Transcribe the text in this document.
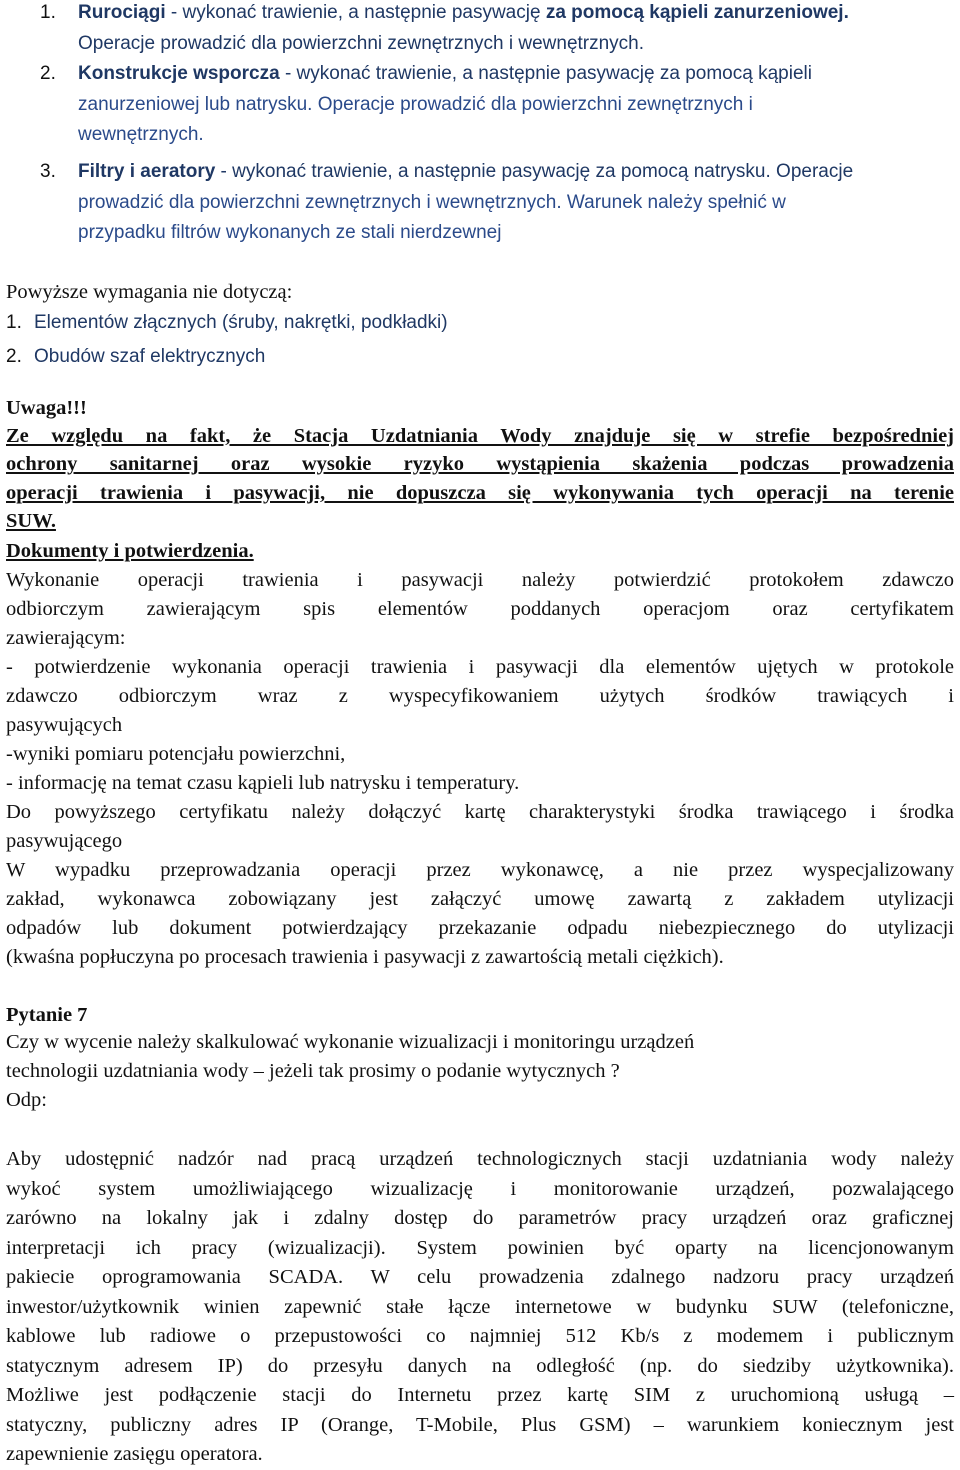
1.	Rurociągi - wykonać trawienie, a następnie pasywację za pomocą kąpieli zanurzeniowej.
Operacje prowadzić dla powierzchni zewnętrznych i wewnętrznych.
2.	Konstrukcje wsporcza - wykonać trawienie, a następnie pasywację za pomocą kąpieli
zanurzeniowej lub natrysku. Operacje prowadzić dla powierzchni zewnętrznych i
wewnętrznych.
3.	Filtry i aeratory - wykonać trawienie, a następnie pasywację za pomocą natrysku. Operacje
prowadzić dla powierzchni zewnętrznych i wewnętrznych. Warunek należy spełnić w
przypadku filtrów wykonanych ze stali nierdzewnej
Powyższe wymagania nie dotyczą:
1. Elementów złącznych (śruby, nakrętki, podkładki)
2. Obudów szaf elektrycznych
Uwaga!!!
Ze względu na fakt, że Stacja Uzdatniania Wody znajduje się w strefie bezpośredniej
ochrony sanitarnej oraz wysokie ryzyko wystąpienia skażenia podczas prowadzenia
operacji trawienia i pasywacji, nie dopuszcza się wykonywania tych operacji na terenie
SUW.
Dokumenty i potwierdzenia.
Wykonanie operacji trawienia i pasywacji należy potwierdzić protokołem zdawczo
odbiorczym zawierającym spis elementów poddanych operacjom oraz certyfikatem
zawierającym:
- potwierdzenie wykonania operacji trawienia i pasywacji dla elementów ujętych w protokole
zdawczo odbiorczym wraz z wyspecyfikowaniem użytych środków trawiących i
pasywujących
-wyniki pomiaru potencjału powierzchni,
- informację na temat czasu kąpieli lub natrysku i temperatury.
Do powyższego certyfikatu należy dołączyć kartę charakterystyki środka trawiącego i środka
pasywującego
W wypadku przeprowadzania operacji przez wykonawcę, a nie przez wyspecjalizowany
zakład, wykonawca zobowiązany jest załączyć umowę zawartą z zakładem utylizacji
odpadów lub dokument potwierdzający przekazanie odpadu niebezpiecznego do utylizacji
(kwaśna popłuczyna po procesach trawienia i pasywacji z zawartością metali ciężkich).
Pytanie 7
Czy w wycenie należy skalkulować wykonanie wizualizacji i monitoringu urządzeń
technologii uzdatniania wody – jeżeli tak prosimy o podanie wytycznych ?
Odp:
Aby udostępnić nadzór nad pracą urządzeń technologicznych stacji uzdatniania wody należy
wykoć system umożliwiającego wizualizację i monitorowanie urządzeń, pozwalającego
zarówno na lokalny jak i zdalny dostęp do parametrów pracy urządzeń oraz graficznej
interpretacji ich pracy (wizualizacji). System powinien być oparty na licencjonowanym
pakiecie oprogramowania SCADA. W celu prowadzenia zdalnego nadzoru pracy urządzeń
inwestor/użytkownik winien zapewnić stałe łącze internetowe w budynku SUW (telefoniczne,
kablowe lub radiowe o przepustowości co najmniej 512 Kb/s z modemem i publicznym
statycznym adresem IP) do przesyłu danych na odległość (np. do siedziby użytkownika).
Możliwe jest podłączenie stacji do Internetu przez kartę SIM z uruchomioną usługą –
statyczny, publiczny adres IP (Orange, T-Mobile, Plus GSM) – warunkiem koniecznym jest
zapewnienie zasięgu operatora.
